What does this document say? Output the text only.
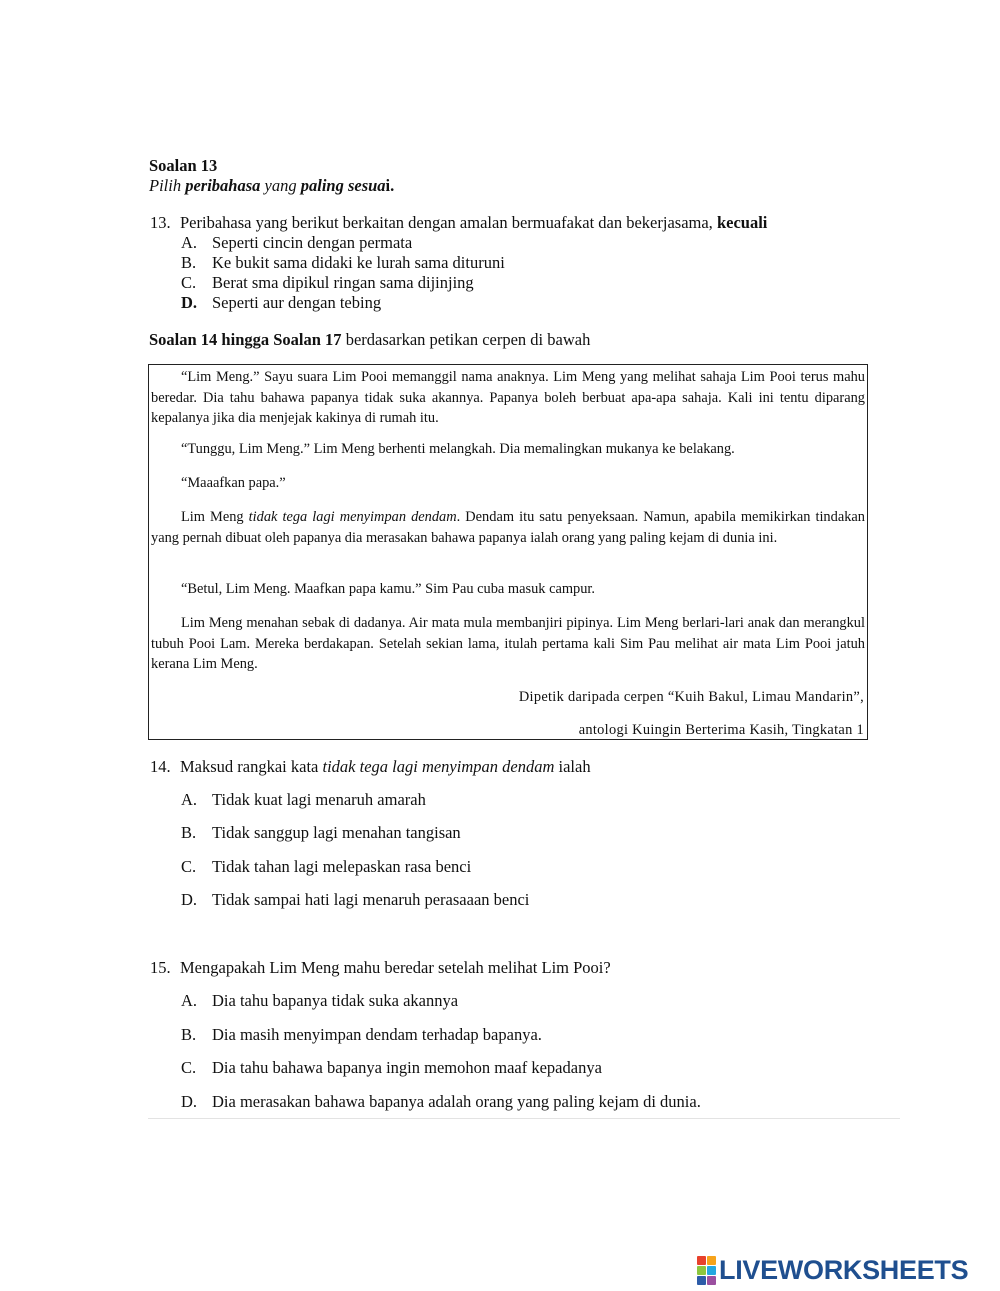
Soalan 13
Pilih peribahasa yang paling sesuai.
13. Peribahasa yang berikut berkaitan dengan amalan bermuafakat dan bekerjasama, kecuali
A. Seperti cincin dengan permata
B. Ke bukit sama didaki ke lurah sama dituruni
C. Berat sma dipikul ringan sama dijinjing
D. Seperti aur dengan tebing
Soalan 14 hingga Soalan 17 berdasarkan petikan cerpen di bawah
“Lim Meng.” Sayu suara Lim Pooi memanggil nama anaknya. Lim Meng yang melihat sahaja Lim Pooi terus mahu beredar. Dia tahu bahawa papanya tidak suka akannya. Papanya boleh berbuat apa-apa sahaja. Kali ini tentu diparang kepalanya jika dia menjejak kakinya di rumah itu.
“Tunggu, Lim Meng.” Lim Meng berhenti melangkah. Dia memalingkan mukanya ke belakang.
“Maaafkan papa.”
Lim Meng tidak tega lagi menyimpan dendam. Dendam itu satu penyeksaan. Namun, apabila memikirkan tindakan yang pernah dibuat oleh papanya dia merasakan bahawa papanya ialah orang yang paling kejam di dunia ini.
“Betul, Lim Meng. Maafkan papa kamu.” Sim Pau cuba masuk campur.
Lim Meng menahan sebak di dadanya. Air mata mula membanjiri pipinya. Lim Meng berlari-lari anak dan merangkul tubuh Pooi Lam. Mereka berdakapan. Setelah sekian lama, itulah pertama kali Sim Pau melihat air mata Lim Pooi jatuh kerana Lim Meng.
Dipetik daripada cerpen “Kuih Bakul, Limau Mandarin”,
antologi Kuingin Berterima Kasih, Tingkatan 1
14. Maksud rangkai kata tidak tega lagi menyimpan dendam ialah
A. Tidak kuat lagi menaruh amarah
B. Tidak sanggup lagi menahan tangisan
C. Tidak tahan lagi melepaskan rasa benci
D. Tidak sampai hati lagi menaruh perasaaan benci
15. Mengapakah Lim Meng mahu beredar setelah melihat Lim Pooi?
A. Dia tahu bapanya tidak suka akannya
B. Dia masih menyimpan dendam terhadap bapanya.
C. Dia tahu bahawa bapanya ingin memohon maaf kepadanya
D. Dia merasakan bahawa bapanya adalah orang yang paling kejam di dunia.
LIVEWORKSHEETS
